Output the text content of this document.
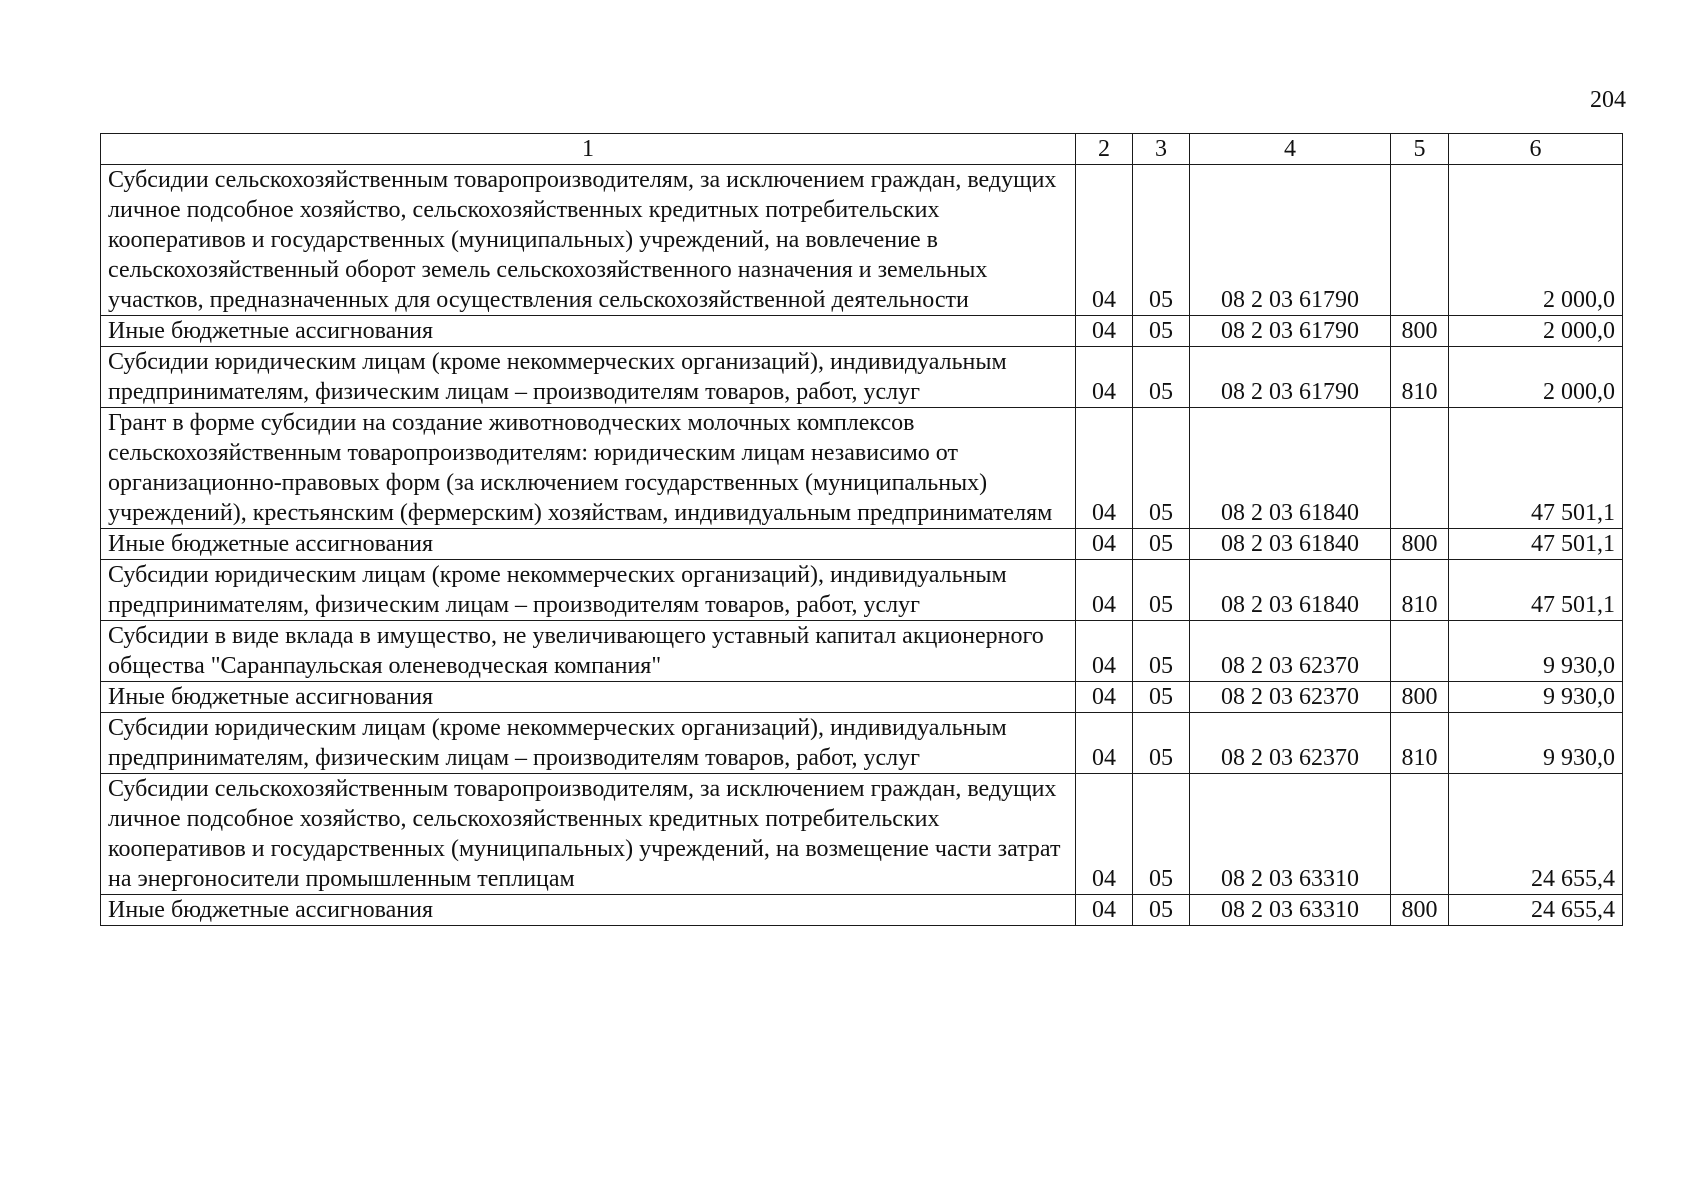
204
1	2	3	4	5	6
Субсидии сельскохозяйственным товаропроизводителям, за исключением граждан, ведущих личное подсобное хозяйство, сельскохозяйственных кредитных потребительских кооперативов и государственных (муниципальных) учреждений, на вовлечение в сельскохозяйственный оборот земель сельскохозяйственного назначения и земельных участков, предназначенных для осуществления сельскохозяйственной деятельности	04	05	08 2 03 61790		2 000,0
Иные бюджетные ассигнования	04	05	08 2 03 61790	800	2 000,0
Субсидии юридическим лицам (кроме некоммерческих организаций), индивидуальным предпринимателям, физическим лицам – производителям товаров, работ, услуг	04	05	08 2 03 61790	810	2 000,0
Грант в форме субсидии на создание животноводческих молочных комплексов сельскохозяйственным товаропроизводителям: юридическим лицам независимо от организационно-правовых форм (за исключением государственных (муниципальных) учреждений), крестьянским (фермерским) хозяйствам, индивидуальным предпринимателям	04	05	08 2 03 61840		47 501,1
Иные бюджетные ассигнования	04	05	08 2 03 61840	800	47 501,1
Субсидии юридическим лицам (кроме некоммерческих организаций), индивидуальным предпринимателям, физическим лицам – производителям товаров, работ, услуг	04	05	08 2 03 61840	810	47 501,1
Субсидии в виде вклада в имущество, не увеличивающего уставный капитал акционерного общества "Саранпаульская оленеводческая компания"	04	05	08 2 03 62370		9 930,0
Иные бюджетные ассигнования	04	05	08 2 03 62370	800	9 930,0
Субсидии юридическим лицам (кроме некоммерческих организаций), индивидуальным предпринимателям, физическим лицам – производителям товаров, работ, услуг	04	05	08 2 03 62370	810	9 930,0
Субсидии сельскохозяйственным товаропроизводителям, за исключением граждан, ведущих личное подсобное хозяйство, сельскохозяйственных кредитных потребительских кооперативов и государственных (муниципальных) учреждений, на возмещение части затрат на энергоносители промышленным теплицам	04	05	08 2 03 63310		24 655,4
Иные бюджетные ассигнования	04	05	08 2 03 63310	800	24 655,4
